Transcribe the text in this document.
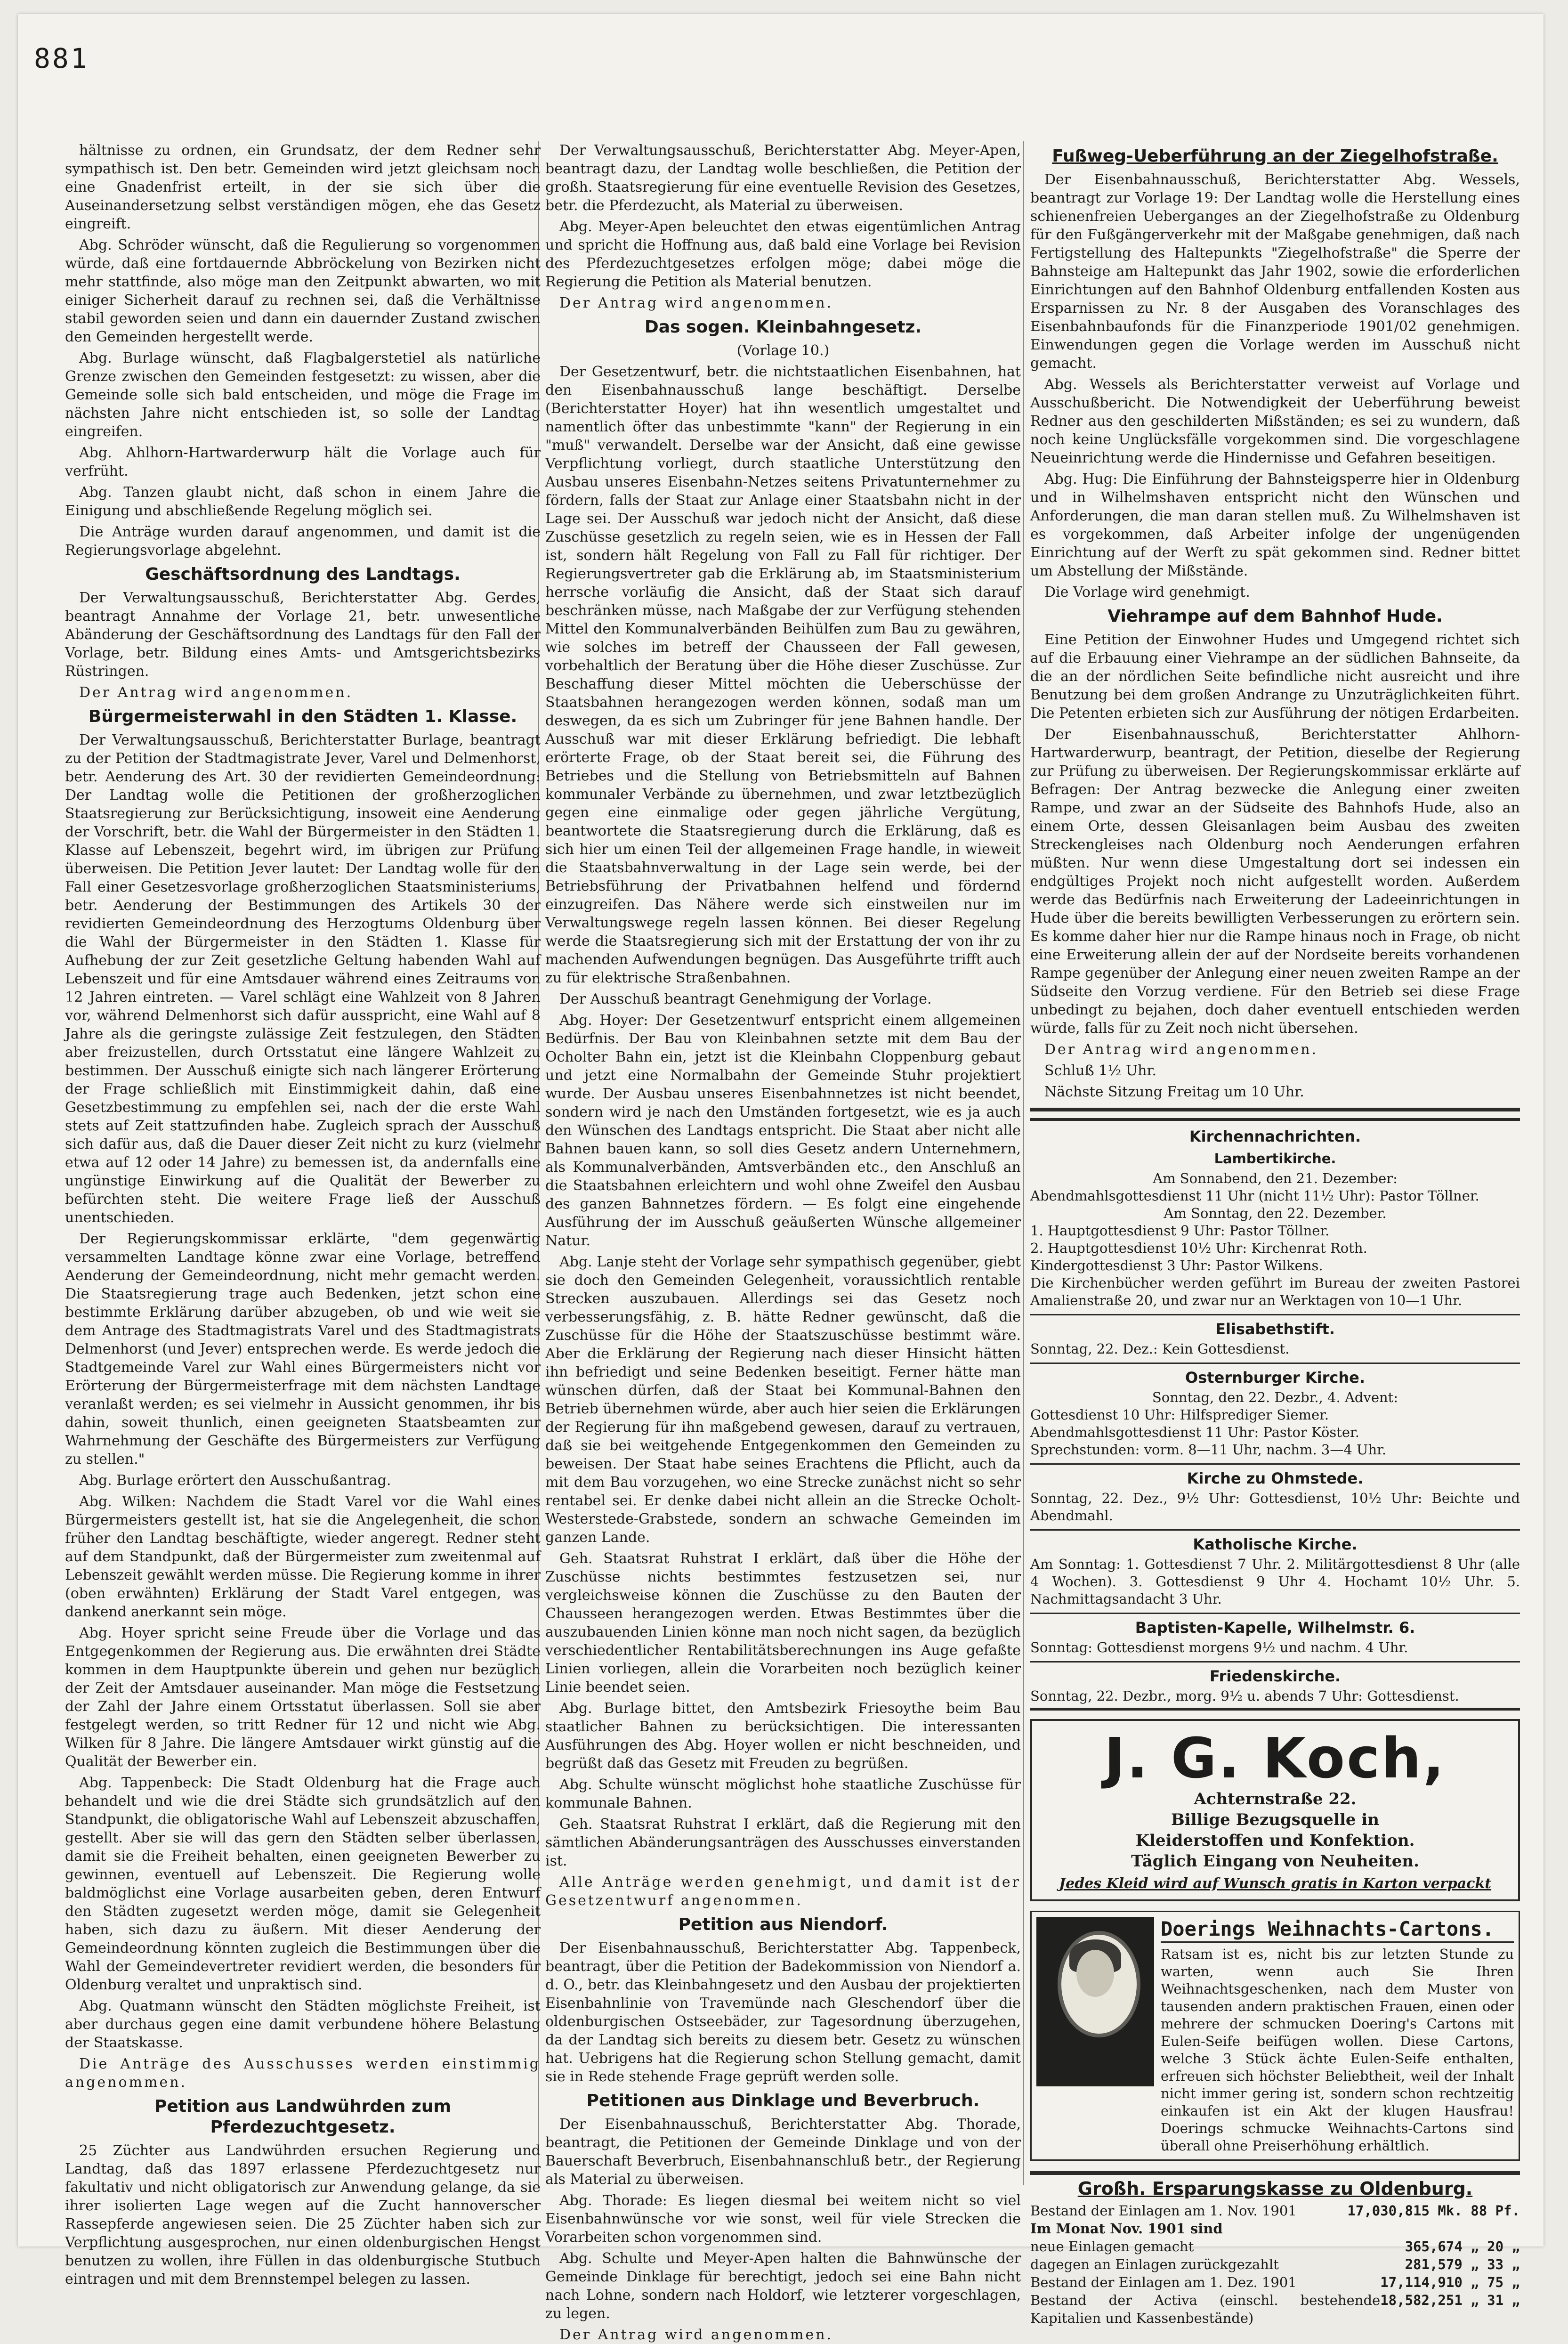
881

hältnisse zu ordnen, ein Grundsatz, der dem Redner sehr sympathisch ist. Den betr. Gemeinden wird jetzt gleichsam noch eine Gnadenfrist erteilt, in der sie sich über die Auseinandersetzung selbst verständigen mögen, ehe das Gesetz eingreift.

Abg. Schröder wünscht, daß die Regulierung so vorgenommen würde, daß eine fortdauernde Abbröckelung von Bezirken nicht mehr stattfinde, also möge man den Zeitpunkt abwarten, wo mit einiger Sicherheit darauf zu rechnen sei, daß die Verhältnisse stabil geworden seien und dann ein dauernder Zustand zwischen den Gemeinden hergestellt werde.

Abg. Burlage wünscht, daß Flagbalgerstetiel als natürliche Grenze zwischen den Gemeinden festgesetzt: zu wissen, aber die Gemeinde solle sich bald entscheiden, und möge die Frage im nächsten Jahre nicht entschieden ist, so solle der Landtag eingreifen.

Abg. Ahlhorn-Hartwarderwurp hält die Vorlage auch für verfrüht.

Abg. Tanzen glaubt nicht, daß schon in einem Jahre die Einigung und abschließende Regelung möglich sei.

Die Anträge wurden darauf angenommen, und damit ist die Regierungsvorlage abgelehnt.

Geschäftsordnung des Landtags.

Der Verwaltungsausschuß, Berichterstatter Abg. Gerdes, beantragt Annahme der Vorlage 21, betr. unwesentliche Abänderung der Geschäftsordnung des Landtags für den Fall der Vorlage, betr. Bildung eines Amts- und Amtsgerichtsbezirks Rüstringen.

Der Antrag wird angenommen.

Bürgermeisterwahl in den Städten 1. Klasse.

Der Verwaltungsausschuß, Berichterstatter Burlage, beantragt zu der Petition der Stadtmagistrate Jever, Varel und Delmenhorst, betr. Aenderung des Art. 30 der revidierten Gemeindeordnung: Der Landtag wolle die Petitionen der großherzoglichen Staatsregierung zur Berücksichtigung, insoweit eine Aenderung der Vorschrift, betr. die Wahl der Bürgermeister in den Städten 1. Klasse auf Lebenszeit, begehrt wird, im übrigen zur Prüfung überweisen. Die Petition Jever lautet: Der Landtag wolle für den Fall einer Gesetzesvorlage großherzoglichen Staatsministeriums, betr. Aenderung der Bestimmungen des Artikels 30 der revidierten Gemeindeordnung des Herzogtums Oldenburg über die Wahl der Bürgermeister in den Städten 1. Klasse für Aufhebung der zur Zeit gesetzliche Geltung habenden Wahl auf Lebenszeit und für eine Amtsdauer während eines Zeitraums von 12 Jahren eintreten. — Varel schlägt eine Wahlzeit von 8 Jahren vor, während Delmenhorst sich dafür ausspricht, eine Wahl auf 8 Jahre als die geringste zulässige Zeit festzulegen, den Städten aber freizustellen, durch Ortsstatut eine längere Wahlzeit zu bestimmen. Der Ausschuß einigte sich nach längerer Erörterung der Frage schließlich mit Einstimmigkeit dahin, daß eine Gesetzbestimmung zu empfehlen sei, nach der die erste Wahl stets auf Zeit stattzufinden habe. Zugleich sprach der Ausschuß sich dafür aus, daß die Dauer dieser Zeit nicht zu kurz (vielmehr etwa auf 12 oder 14 Jahre) zu bemessen ist, da andernfalls eine ungünstige Einwirkung auf die Qualität der Bewerber zu befürchten steht. Die weitere Frage ließ der Ausschuß unentschieden.

Der Regierungskommissar erklärte, "dem gegenwärtig versammelten Landtage könne zwar eine Vorlage, betreffend Aenderung der Gemeindeordnung, nicht mehr gemacht werden. Die Staatsregierung trage auch Bedenken, jetzt schon eine bestimmte Erklärung darüber abzugeben, ob und wie weit sie dem Antrage des Stadtmagistrats Varel und des Stadtmagistrats Delmenhorst (und Jever) entsprechen werde. Es werde jedoch die Stadtgemeinde Varel zur Wahl eines Bürgermeisters nicht vor Erörterung der Bürgermeisterfrage mit dem nächsten Landtage veranlaßt werden; es sei vielmehr in Aussicht genommen, ihr bis dahin, soweit thunlich, einen geeigneten Staatsbeamten zur Wahrnehmung der Geschäfte des Bürgermeisters zur Verfügung zu stellen."

Abg. Burlage erörtert den Ausschußantrag.

Abg. Wilken: Nachdem die Stadt Varel vor die Wahl eines Bürgermeisters gestellt ist, hat sie die Angelegenheit, die schon früher den Landtag beschäftigte, wieder angeregt. Redner steht auf dem Standpunkt, daß der Bürgermeister zum zweitenmal auf Lebenszeit gewählt werden müsse. Die Regierung komme in ihrer (oben erwähnten) Erklärung der Stadt Varel entgegen, was dankend anerkannt sein möge.

Abg. Hoyer spricht seine Freude über die Vorlage und das Entgegenkommen der Regierung aus. Die erwähnten drei Städte kommen in dem Hauptpunkte überein und gehen nur bezüglich der Zeit der Amtsdauer auseinander. Man möge die Festsetzung der Zahl der Jahre einem Ortsstatut überlassen. Soll sie aber festgelegt werden, so tritt Redner für 12 und nicht wie Abg. Wilken für 8 Jahre. Die längere Amtsdauer wirkt günstig auf die Qualität der Bewerber ein.

Abg. Tappenbeck: Die Stadt Oldenburg hat die Frage auch behandelt und wie die drei Städte sich grundsätzlich auf den Standpunkt, die obligatorische Wahl auf Lebenszeit abzuschaffen, gestellt. Aber sie will das gern den Städten selber überlassen, damit sie die Freiheit behalten, einen geeigneten Bewerber zu gewinnen, eventuell auf Lebenszeit. Die Regierung wolle baldmöglichst eine Vorlage ausarbeiten geben, deren Entwurf den Städten zugesetzt werden möge, damit sie Gelegenheit haben, sich dazu zu äußern. Mit dieser Aenderung der Gemeindeordnung könnten zugleich die Bestimmungen über die Wahl der Gemeindevertreter revidiert werden, die besonders für Oldenburg veraltet und unpraktisch sind.

Abg. Quatmann wünscht den Städten möglichste Freiheit, ist aber durchaus gegen eine damit verbundene höhere Belastung der Staatskasse.

Die Anträge des Ausschusses werden einstimmig angenommen.

Petition aus Landwührden zum Pferdezuchtgesetz.

25 Züchter aus Landwührden ersuchen Regierung und Landtag, daß das 1897 erlassene Pferdezuchtgesetz nur fakultativ und nicht obligatorisch zur Anwendung gelange, da sie ihrer isolierten Lage wegen auf die Zucht hannoverscher Rassepferde angewiesen seien. Die 25 Züchter haben sich zur Verpflichtung ausgesprochen, nur einen oldenburgischen Hengst benutzen zu wollen, ihre Füllen in das oldenburgische Stutbuch eintragen und mit dem Brennstempel belegen zu lassen.

Der Verwaltungsausschuß, Berichterstatter Abg. Meyer-Apen, beantragt dazu, der Landtag wolle beschließen, die Petition der großh. Staatsregierung für eine eventuelle Revision des Gesetzes, betr. die Pferdezucht, als Material zu überweisen.

Abg. Meyer-Apen beleuchtet den etwas eigentümlichen Antrag und spricht die Hoffnung aus, daß bald eine Vorlage bei Revision des Pferdezuchtgesetzes erfolgen möge; dabei möge die Regierung die Petition als Material benutzen.

Der Antrag wird angenommen.

Das sogen. Kleinbahngesetz.
(Vorlage 10.)

Der Gesetzentwurf, betr. die nichtstaatlichen Eisenbahnen, hat den Eisenbahnausschuß lange beschäftigt. Derselbe (Berichterstatter Hoyer) hat ihn wesentlich umgestaltet und namentlich öfter das unbestimmte "kann" der Regierung in ein "muß" verwandelt. Derselbe war der Ansicht, daß eine gewisse Verpflichtung vorliegt, durch staatliche Unterstützung den Ausbau unseres Eisenbahn-Netzes seitens Privatunternehmer zu fördern, falls der Staat zur Anlage einer Staatsbahn nicht in der Lage sei. Der Ausschuß war jedoch nicht der Ansicht, daß diese Zuschüsse gesetzlich zu regeln seien, wie es in Hessen der Fall ist, sondern hält Regelung von Fall zu Fall für richtiger. Der Regierungsvertreter gab die Erklärung ab, im Staatsministerium herrsche vorläufig die Ansicht, daß der Staat sich darauf beschränken müsse, nach Maßgabe der zur Verfügung stehenden Mittel den Kommunalverbänden Beihülfen zum Bau zu gewähren, wie solches im betreff der Chausseen der Fall gewesen, vorbehaltlich der Beratung über die Höhe dieser Zuschüsse. Zur Beschaffung dieser Mittel möchten die Ueberschüsse der Staatsbahnen herangezogen werden können, sodaß man um deswegen, da es sich um Zubringer für jene Bahnen handle. Der Ausschuß war mit dieser Erklärung befriedigt. Die lebhaft erörterte Frage, ob der Staat bereit sei, die Führung des Betriebes und die Stellung von Betriebsmitteln auf Bahnen kommunaler Verbände zu übernehmen, und zwar letztbezüglich gegen eine einmalige oder gegen jährliche Vergütung, beantwortete die Staatsregierung durch die Erklärung, daß es sich hier um einen Teil der allgemeinen Frage handle, in wieweit die Staatsbahnverwaltung in der Lage sein werde, bei der Betriebsführung der Privatbahnen helfend und fördernd einzugreifen. Das Nähere werde sich einstweilen nur im Verwaltungswege regeln lassen können. Bei dieser Regelung werde die Staatsregierung sich mit der Erstattung der von ihr zu machenden Aufwendungen begnügen. Das Ausgeführte trifft auch zu für elektrische Straßenbahnen.

Der Ausschuß beantragt Genehmigung der Vorlage.

Abg. Hoyer: Der Gesetzentwurf entspricht einem allgemeinen Bedürfnis. Der Bau von Kleinbahnen setzte mit dem Bau der Ocholter Bahn ein, jetzt ist die Kleinbahn Cloppenburg gebaut und jetzt eine Normalbahn der Gemeinde Stuhr projektiert wurde. Der Ausbau unseres Eisenbahnnetzes ist nicht beendet, sondern wird je nach den Umständen fortgesetzt, wie es ja auch den Wünschen des Landtags entspricht. Die Staat aber nicht alle Bahnen bauen kann, so soll dies Gesetz andern Unternehmern, als Kommunalverbänden, Amtsverbänden etc., den Anschluß an die Staatsbahnen erleichtern und wohl ohne Zweifel den Ausbau des ganzen Bahnnetzes fördern. — Es folgt eine eingehende Ausführung der im Ausschuß geäußerten Wünsche allgemeiner Natur.

Abg. Lanje steht der Vorlage sehr sympathisch gegenüber, giebt sie doch den Gemeinden Gelegenheit, voraussichtlich rentable Strecken auszubauen. Allerdings sei das Gesetz noch verbesserungsfähig, z. B. hätte Redner gewünscht, daß die Zuschüsse für die Höhe der Staatszuschüsse bestimmt wäre. Aber die Erklärung der Regierung nach dieser Hinsicht hätten ihn befriedigt und seine Bedenken beseitigt. Ferner hätte man wünschen dürfen, daß der Staat bei Kommunal-Bahnen den Betrieb übernehmen würde, aber auch hier seien die Erklärungen der Regierung für ihn maßgebend gewesen, darauf zu vertrauen, daß sie bei weitgehende Entgegenkommen den Gemeinden zu beweisen. Der Staat habe seines Erachtens die Pflicht, auch da mit dem Bau vorzugehen, wo eine Strecke zunächst nicht so sehr rentabel sei. Er denke dabei nicht allein an die Strecke Ocholt-Westerstede-Grabstede, sondern an schwache Gemeinden im ganzen Lande.

Geh. Staatsrat Ruhstrat I erklärt, daß über die Höhe der Zuschüsse nichts bestimmtes festzusetzen sei, nur vergleichsweise können die Zuschüsse zu den Bauten der Chausseen herangezogen werden. Etwas Bestimmtes über die auszubauenden Linien könne man noch nicht sagen, da bezüglich verschiedentlicher Rentabilitätsberechnungen ins Auge gefaßte Linien vorliegen, allein die Vorarbeiten noch bezüglich keiner Linie beendet seien.

Abg. Burlage bittet, den Amtsbezirk Friesoythe beim Bau staatlicher Bahnen zu berücksichtigen. Die interessanten Ausführungen des Abg. Hoyer wollen er nicht beschneiden, und begrüßt daß das Gesetz mit Freuden zu begrüßen.

Abg. Schulte wünscht möglichst hohe staatliche Zuschüsse für kommunale Bahnen.

Geh. Staatsrat Ruhstrat I erklärt, daß die Regierung mit den sämtlichen Abänderungsanträgen des Ausschusses einverstanden ist.

Alle Anträge werden genehmigt, und damit ist der Gesetzentwurf angenommen.

Petition aus Niendorf.

Der Eisenbahnausschuß, Berichterstatter Abg. Tappenbeck, beantragt, über die Petition der Badekommission von Niendorf a. d. O., betr. das Kleinbahngesetz und den Ausbau der projektierten Eisenbahnlinie von Travemünde nach Gleschendorf über die oldenburgischen Ostseebäder, zur Tagesordnung überzugehen, da der Landtag sich bereits zu diesem betr. Gesetz zu wünschen hat. Uebrigens hat die Regierung schon Stellung gemacht, damit sie in Rede stehende Frage geprüft werden solle.

Petitionen aus Dinklage und Beverbruch.

Der Eisenbahnausschuß, Berichterstatter Abg. Thorade, beantragt, die Petitionen der Gemeinde Dinklage und von der Bauerschaft Beverbruch, Eisenbahnanschluß betr., der Regierung als Material zu überweisen.

Abg. Thorade: Es liegen diesmal bei weitem nicht so viel Eisenbahnwünsche vor wie sonst, weil für viele Strecken die Vorarbeiten schon vorgenommen sind.

Abg. Schulte und Meyer-Apen halten die Bahnwünsche der Gemeinde Dinklage für berechtigt, jedoch sei eine Bahn nicht nach Lohne, sondern nach Holdorf, wie letzterer vorgeschlagen, zu legen.

Der Antrag wird angenommen.

Fußweg-Ueberführung an der Ziegelhofstraße.

Der Eisenbahnausschuß, Berichterstatter Abg. Wessels, beantragt zur Vorlage 19: Der Landtag wolle die Herstellung eines schienenfreien Ueberganges an der Ziegelhofstraße zu Oldenburg für den Fußgängerverkehr mit der Maßgabe genehmigen, daß nach Fertigstellung des Haltepunkts "Ziegelhofstraße" die Sperre der Bahnsteige am Haltepunkt das Jahr 1902, sowie die erforderlichen Einrichtungen auf den Bahnhof Oldenburg entfallenden Kosten aus Ersparnissen zu Nr. 8 der Ausgaben des Voranschlages des Eisenbahnbaufonds für die Finanzperiode 1901/02 genehmigen. Einwendungen gegen die Vorlage werden im Ausschuß nicht gemacht.

Abg. Wessels als Berichterstatter verweist auf Vorlage und Ausschußbericht. Die Notwendigkeit der Ueberführung beweist Redner aus den geschilderten Mißständen; es sei zu wundern, daß noch keine Unglücksfälle vorgekommen sind. Die vorgeschlagene Neueinrichtung werde die Hindernisse und Gefahren beseitigen.

Abg. Hug: Die Einführung der Bahnsteigsperre hier in Oldenburg und in Wilhelmshaven entspricht nicht den Wünschen und Anforderungen, die man daran stellen muß. Zu Wilhelmshaven ist es vorgekommen, daß Arbeiter infolge der ungenügenden Einrichtung auf der Werft zu spät gekommen sind. Redner bittet um Abstellung der Mißstände.

Die Vorlage wird genehmigt.

Viehrampe auf dem Bahnhof Hude.

Eine Petition der Einwohner Hudes und Umgegend richtet sich auf die Erbauung einer Viehrampe an der südlichen Bahnseite, da die an der nördlichen Seite befindliche nicht ausreicht und ihre Benutzung bei dem großen Andrange zu Unzuträglichkeiten führt. Die Petenten erbieten sich zur Ausführung der nötigen Erdarbeiten.

Der Eisenbahnausschuß, Berichterstatter Ahlhorn-Hartwarderwurp, beantragt, der Petition, dieselbe der Regierung zur Prüfung zu überweisen. Der Regierungskommissar erklärte auf Befragen: Der Antrag bezwecke die Anlegung einer zweiten Rampe, und zwar an der Südseite des Bahnhofs Hude, also an einem Orte, dessen Gleisanlagen beim Ausbau des zweiten Streckengleises nach Oldenburg noch Aenderungen erfahren müßten. Nur wenn diese Umgestaltung dort sei indessen ein endgültiges Projekt noch nicht aufgestellt worden. Außerdem werde das Bedürfnis nach Erweiterung der Ladeeinrichtungen in Hude über die bereits bewilligten Verbesserungen zu erörtern sein. Es komme daher hier nur die Rampe hinaus noch in Frage, ob nicht eine Erweiterung allein der auf der Nordseite bereits vorhandenen Rampe gegenüber der Anlegung einer neuen zweiten Rampe an der Südseite den Vorzug verdiene. Für den Betrieb sei diese Frage unbedingt zu bejahen, doch daher eventuell entschieden werden würde, falls für zu Zeit noch nicht übersehen.

Der Antrag wird angenommen.

Schluß 1½ Uhr.

Nächste Sitzung Freitag um 10 Uhr.

Kirchennachrichten.
Lambertikirche.

Am Sonnabend, den 21. Dezember:

Abendmahlsgottesdienst 11 Uhr (nicht 11½ Uhr): Pastor Töllner.

Am Sonntag, den 22. Dezember.

1. Hauptgottesdienst 9 Uhr: Pastor Töllner.

2. Hauptgottesdienst 10½ Uhr: Kirchenrat Roth.

Kindergottesdienst 3 Uhr: Pastor Wilkens.

Die Kirchenbücher werden geführt im Bureau der zweiten Pastorei Amalienstraße 20, und zwar nur an Werktagen von 10—1 Uhr.

Elisabethstift.

Sonntag, 22. Dez.: Kein Gottesdienst.

Osternburger Kirche.

Sonntag, den 22. Dezbr., 4. Advent:

Gottesdienst 10 Uhr: Hilfsprediger Siemer.

Abendmahlsgottesdienst 11 Uhr: Pastor Köster.

Sprechstunden: vorm. 8—11 Uhr, nachm. 3—4 Uhr.

Kirche zu Ohmstede.

Sonntag, 22. Dez., 9½ Uhr: Gottesdienst, 10½ Uhr: Beichte und Abendmahl.

Katholische Kirche.

Am Sonntag: 1. Gottesdienst 7 Uhr. 2. Militärgottesdienst 8 Uhr (alle 4 Wochen). 3. Gottesdienst 9 Uhr 4. Hochamt 10½ Uhr. 5. Nachmittagsandacht 3 Uhr.

Baptisten-Kapelle, Wilhelmstr. 6.

Sonntag: Gottesdienst morgens 9½ und nachm. 4 Uhr.

Friedenskirche.

Sonntag, 22. Dezbr., morg. 9½ u. abends 7 Uhr: Gottesdienst.

J. G. Koch,
Achternstraße 22.
Billige Bezugsquelle in
Kleiderstoffen und Konfektion.
Täglich Eingang von Neuheiten.
Jedes Kleid wird auf Wunsch gratis in Karton verpackt
Doerings Weihnachts-Cartons.
Ratsam ist es, nicht bis zur letzten Stunde zu warten, wenn auch Sie Ihren Weihnachtsgeschenken, nach dem Muster von tausenden andern praktischen Frauen, einen oder mehrere der schmucken Doering's Cartons mit Eulen-Seife beifügen wollen. Diese Cartons, welche 3 Stück ächte Eulen-Seife enthalten, erfreuen sich höchster Beliebtheit, weil der Inhalt nicht immer gering ist, sondern schon rechtzeitig einkaufen ist ein Akt der klugen Hausfrau! Doerings schmucke Weihnachts-Cartons sind überall ohne Preiserhöhung erhältlich.
Großh. Ersparungskasse zu Oldenburg.
Bestand der Einlagen am 1. Nov. 1901	17,030,815 Mk. 88 Pf.
Im Monat Nov. 1901 sind
neue Einlagen gemacht	365,674 „ 20 „
dagegen an Einlagen zurückgezahlt	281,579 „ 33 „
Bestand der Einlagen am 1. Dez. 1901	17,114,910 „ 75 „
Bestand der Activa (einschl. bestehende Kapitalien und Kassenbestände)
18,582,251 „ 31 „
